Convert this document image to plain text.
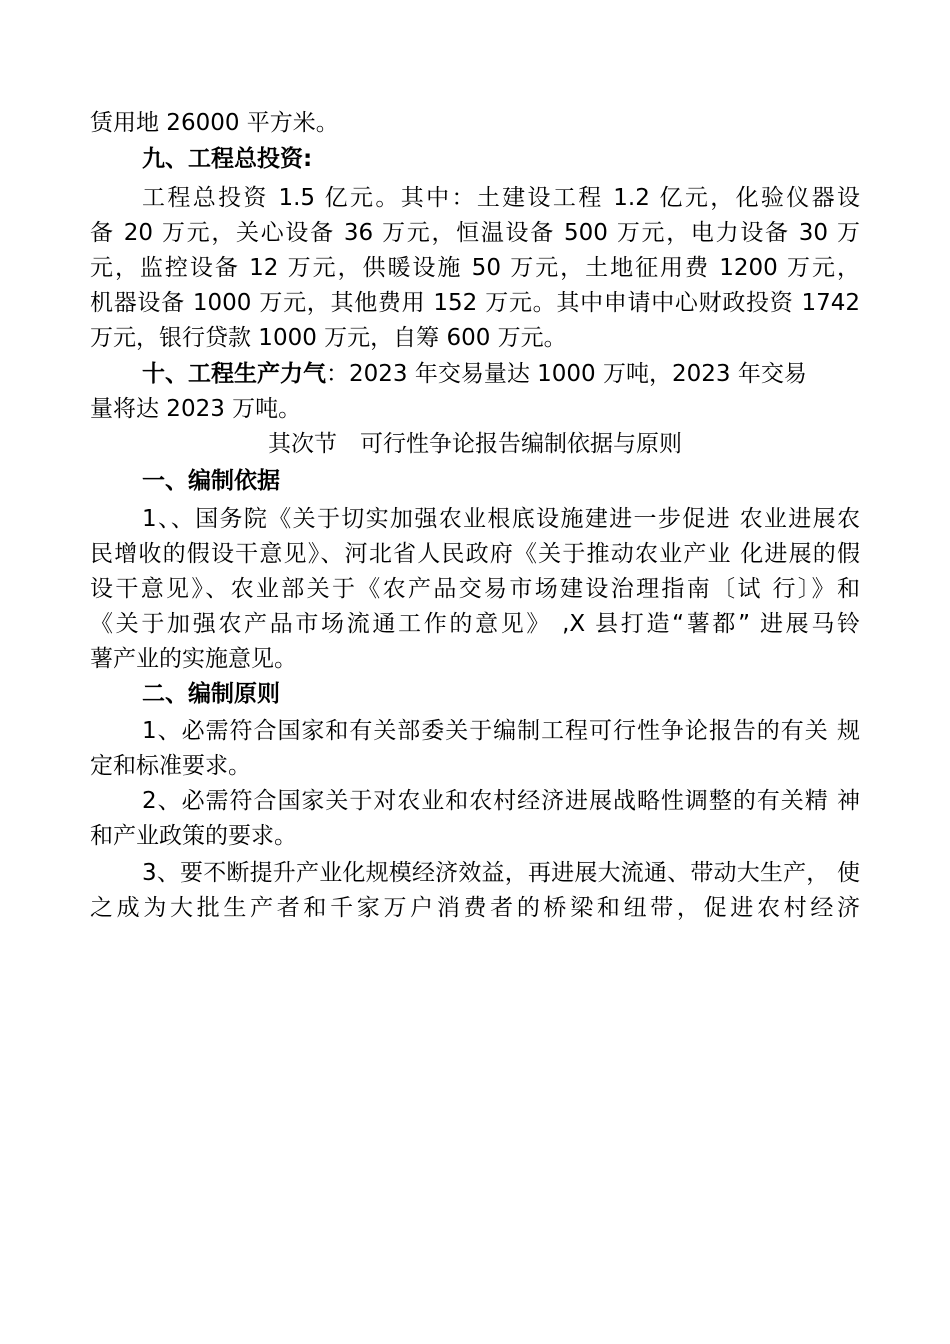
赁用地 26000 平方米。
九、工程总投资:
工程总投资 1.5 亿元。其中：土建设工程 1.2 亿元，化验仪器设
备 20 万元，关心设备 36 万元，恒温设备 500 万元，电力设备 30 万
元，监控设备 12 万元，供暖设施 50 万元，土地征用费 1200 万元，
机器设备 1000 万元，其他费用 152 万元。其中申请中心财政投资 1742
万元，银行贷款 1000 万元，自筹 600 万元。
十、工程生产力气：2023 年交易量达 1000 万吨，2023 年交易
量将达 2023 万吨。
其次节　可行性争论报告编制依据与原则
一、编制依据
1、、国务院《关于切实加强农业根底设施建进一步促进 农业进展农
民增收的假设干意见》、河北省人民政府《关于推动农业产业 化进展的假
设干意见》、农业部关于《农产品交易市场建设治理指南〔试 行〕》和
《关于加强农产品市场流通工作的意见》 ,X 县打造“薯都” 进展马铃
薯产业的实施意见。
二、编制原则
1、必需符合国家和有关部委关于编制工程可行性争论报告的有关 规
定和标准要求。
2、必需符合国家关于对农业和农村经济进展战略性调整的有关精 神
和产业政策的要求。
3、要不断提升产业化规模经济效益，再进展大流通、带动大生产， 使
之成为大批生产者和千家万户消费者的桥梁和纽带，促进农村经济
